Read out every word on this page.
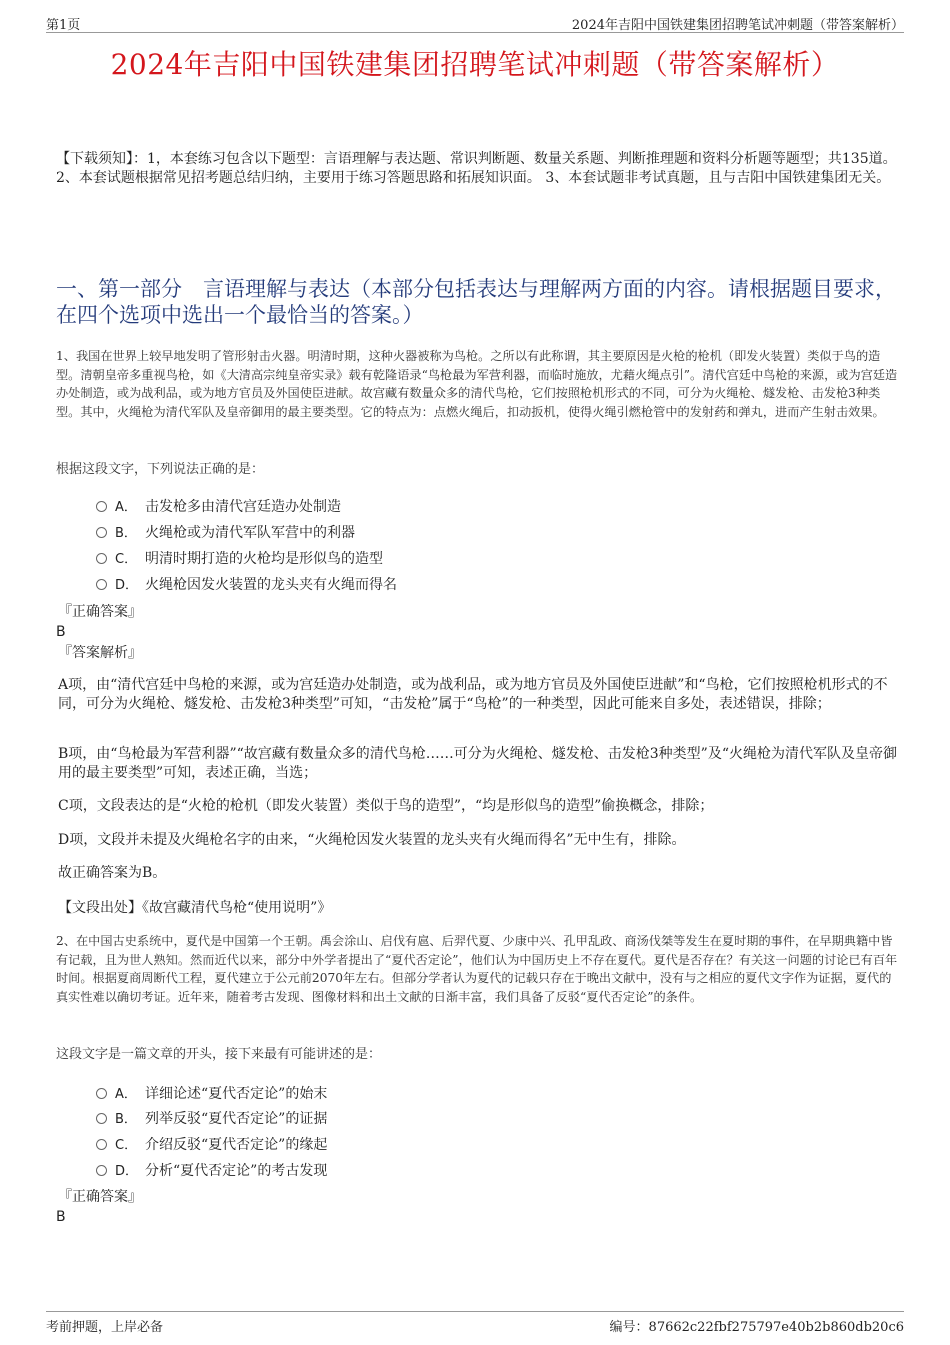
第1页	2024年吉阳中国铁建集团招聘笔试冲刺题（带答案解析）
2024年吉阳中国铁建集团招聘笔试冲刺题（带答案解析）
【下载须知】：1，本套练习包含以下题型：言语理解与表达题、常识判断题、数量关系题、判断推理题和资料分析题等题型；共135道。 2、本套试题根据常见招考题总结归纳，主要用于练习答题思路和拓展知识面。 3、本套试题非考试真题，且与吉阳中国铁建集团无关。
一、第一部分　言语理解与表达（本部分包括表达与理解两方面的内容。请根据题目要求，在四个选项中选出一个最恰当的答案。）
1、我国在世界上较早地发明了管形射击火器。明清时期，这种火器被称为鸟枪。之所以有此称谓，其主要原因是火枪的枪机（即发火装置）类似于鸟的造型。清朝皇帝多重视鸟枪，如《大清高宗纯皇帝实录》载有乾隆语录“鸟枪最为军营利器，而临时施放，尤藉火绳点引”。清代宫廷中鸟枪的来源，或为宫廷造办处制造，或为战利品，或为地方官员及外国使臣进献。故宫藏有数量众多的清代鸟枪，它们按照枪机形式的不同，可分为火绳枪、燧发枪、击发枪3种类型。其中，火绳枪为清代军队及皇帝御用的最主要类型。它的特点为：点燃火绳后，扣动扳机，使得火绳引燃枪管中的发射药和弹丸，进而产生射击效果。
根据这段文字，下列说法正确的是：
A． 击发枪多由清代宫廷造办处制造
B． 火绳枪或为清代军队军营中的利器
C． 明清时期打造的火枪均是形似鸟的造型
D． 火绳枪因发火装置的龙头夹有火绳而得名
『正确答案』
B
『答案解析』
A项，由“清代宫廷中鸟枪的来源，或为宫廷造办处制造，或为战利品，或为地方官员及外国使臣进献”和“鸟枪，它们按照枪机形式的不同，可分为火绳枪、燧发枪、击发枪3种类型”可知，“击发枪”属于“鸟枪”的一种类型，因此可能来自多处，表述错误，排除；
B项，由“鸟枪最为军营利器”“故宫藏有数量众多的清代鸟枪……可分为火绳枪、燧发枪、击发枪3种类型”及“火绳枪为清代军队及皇帝御用的最主要类型”可知，表述正确，当选；
C项，文段表达的是“火枪的枪机（即发火装置）类似于鸟的造型”，“均是形似鸟的造型”偷换概念，排除；
D项，文段并未提及火绳枪名字的由来，“火绳枪因发火装置的龙头夹有火绳而得名”无中生有，排除。
故正确答案为B。
【文段出处】《故宫藏清代鸟枪“使用说明”》
2、在中国古史系统中，夏代是中国第一个王朝。禹会涂山、启伐有扈、后羿代夏、少康中兴、孔甲乱政、商汤伐桀等发生在夏时期的事件，在早期典籍中皆有记载，且为世人熟知。然而近代以来，部分中外学者提出了“夏代否定论”，他们认为中国历史上不存在夏代。夏代是否存在？有关这一问题的讨论已有百年时间。根据夏商周断代工程，夏代建立于公元前2070年左右。但部分学者认为夏代的记载只存在于晚出文献中，没有与之相应的夏代文字作为证据，夏代的真实性难以确切考证。近年来，随着考古发现、图像材料和出土文献的日渐丰富，我们具备了反驳“夏代否定论”的条件。
这段文字是一篇文章的开头，接下来最有可能讲述的是：
A． 详细论述“夏代否定论”的始末
B． 列举反驳“夏代否定论”的证据
C． 介绍反驳“夏代否定论”的缘起
D． 分析“夏代否定论”的考古发现
『正确答案』
B
考前押题，上岸必备	编号：87662c22fbf275797e40b2b860db20c6
